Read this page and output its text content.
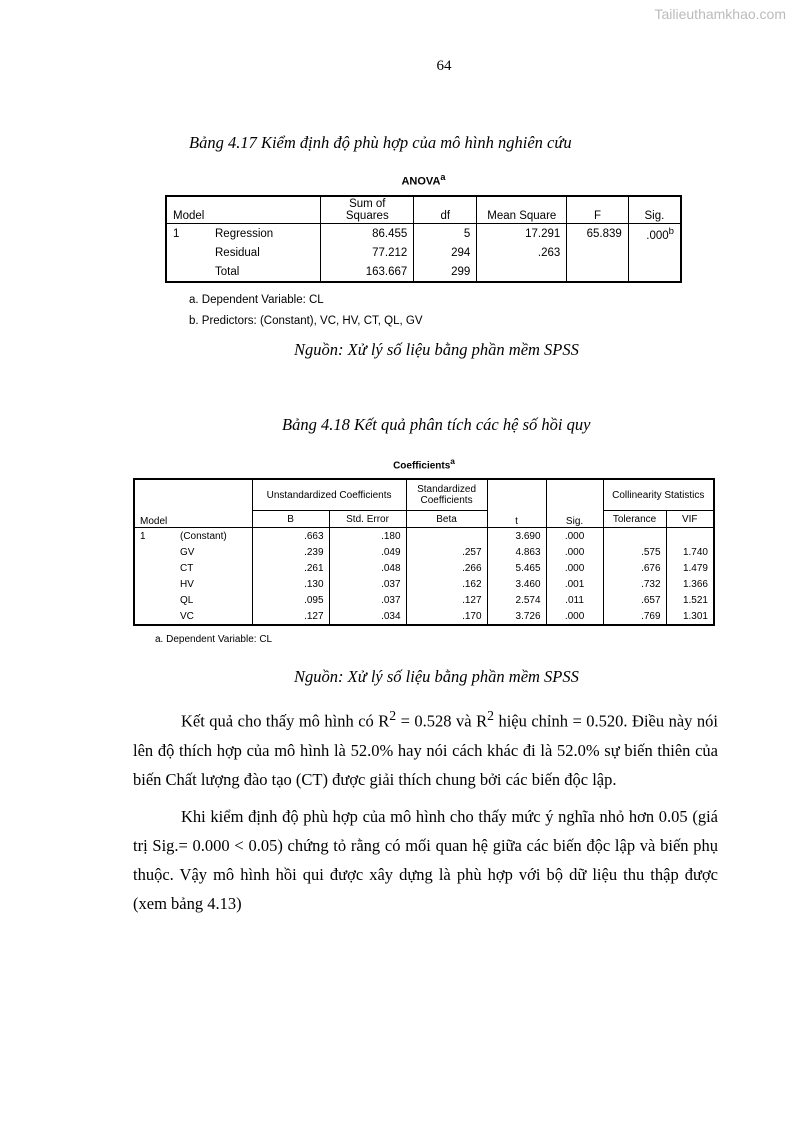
Tailieuthamkhao.com
64
Bảng 4.17 Kiểm định độ phù hợp của mô hình nghiên cứu
ANOVA$^a$
Model		Sum of Squares	df	Mean Square	F	Sig.
1	Regression	86.455	5	17.291	65.839	.000$^b$
	Residual	77.212	294	.263		
	Total	163.667	299			
a. Dependent Variable: CL
b. Predictors: (Constant), VC, HV, CT, QL, GV
Nguồn: Xử lý số liệu bằng phần mềm SPSS
Bảng 4.18 Kết quả phân tích các hệ số hồi quy
Coefficients$^a$
Model		Unstandardized Coefficients		Standardized Coefficients	t	Sig.	Collinearity Statistics	
		B	Std. Error	Beta			Tolerance	VIF
1	(Constant)	.663	.180		3.690	.000		
	GV	.239	.049	.257	4.863	.000	.575	1.740
	CT	.261	.048	.266	5.465	.000	.676	1.479
	HV	.130	.037	.162	3.460	.001	.732	1.366
	QL	.095	.037	.127	2.574	.011	.657	1.521
	VC	.127	.034	.170	3.726	.000	.769	1.301
a. Dependent Variable: CL
Nguồn: Xử lý số liệu bằng phần mềm SPSS

Kết quả cho thấy mô hình có $R^2 = 0.528$ và $R^2$ hiệu chỉnh = 0.520. Điều này nói lên độ thích hợp của mô hình là 52.0% hay nói cách khác đi là 52.0% sự biến thiên của biến Chất lượng đào tạo (CT) được giải thích chung bởi các biến độc lập.

Khi kiểm định độ phù hợp của mô hình cho thấy mức ý nghĩa nhỏ hơn 0.05 (giá trị Sig.= 0.000 < 0.05) chứng tỏ rằng có mối quan hệ giữa các biến độc lập và biến phụ thuộc. Vậy mô hình hồi qui được xây dựng là phù hợp với bộ dữ liệu thu thập được (xem bảng 4.13)
